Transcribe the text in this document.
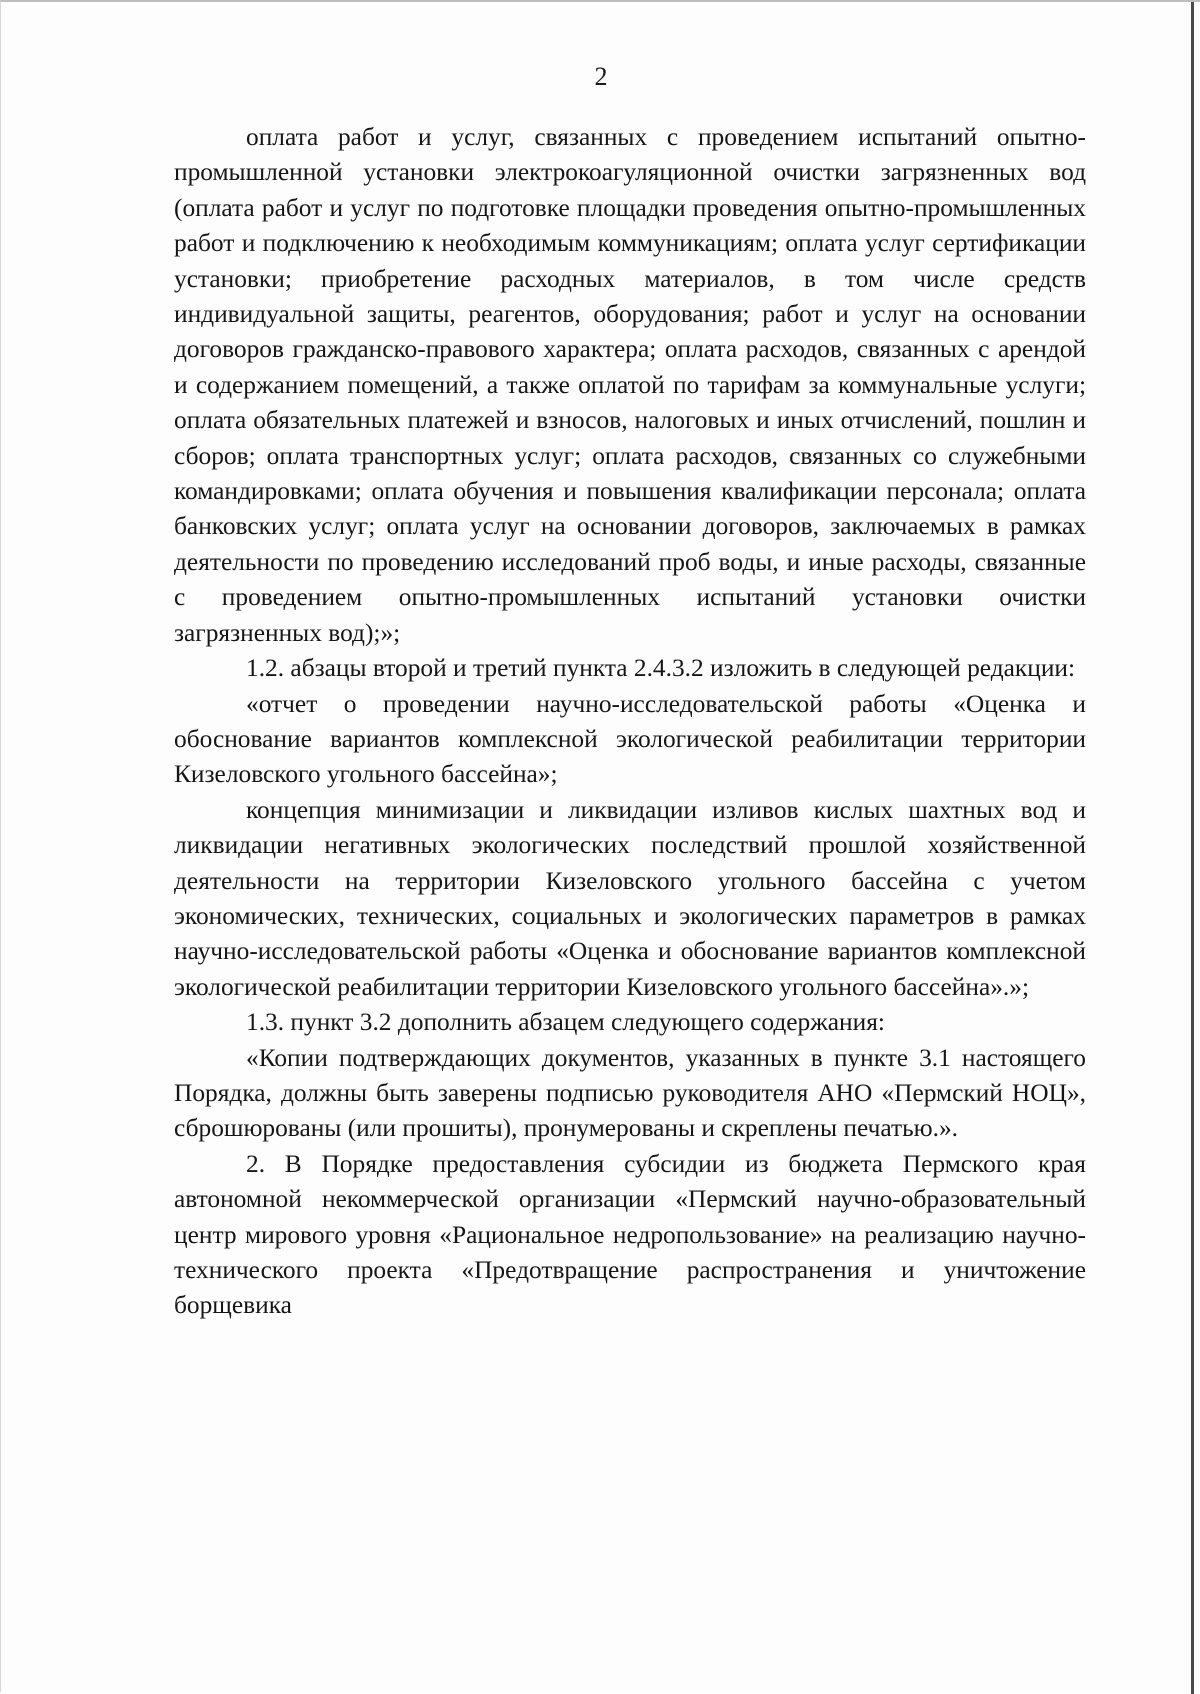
2

оплата работ и услуг, связанных с проведением испытаний опытно-промышленной установки электрокоагуляционной очистки загрязненных вод (оплата работ и услуг по подготовке площадки проведения опытно-промышленных работ и подключению к необходимым коммуникациям; оплата услуг сертификации установки; приобретение расходных материалов, в том числе средств индивидуальной защиты, реагентов, оборудования; работ и услуг на основании договоров гражданско-правового характера; оплата расходов, связанных с арендой и содержанием помещений, а также оплатой по тарифам за коммунальные услуги; оплата обязательных платежей и взносов, налоговых и иных отчислений, пошлин и сборов; оплата транспортных услуг; оплата расходов, связанных со служебными командировками; оплата обучения и повышения квалификации персонала; оплата банковских услуг; оплата услуг на основании договоров, заключаемых в рамках деятельности по проведению исследований проб воды, и иные расходы, связанные с проведением опытно-промышленных испытаний установки очистки загрязненных вод);»;

1.2. абзацы второй и третий пункта 2.4.3.2 изложить в следующей редакции:

«отчет о проведении научно-исследовательской работы «Оценка и обоснование вариантов комплексной экологической реабилитации территории Кизеловского угольного бассейна»;

концепция минимизации и ликвидации изливов кислых шахтных вод и ликвидации негативных экологических последствий прошлой хозяйственной деятельности на территории Кизеловского угольного бассейна с учетом экономических, технических, социальных и экологических параметров в рамках научно-исследовательской работы «Оценка и обоснование вариантов комплексной экологической реабилитации территории Кизеловского угольного бассейна».»;

1.3. пункт 3.2 дополнить абзацем следующего содержания:

«Копии подтверждающих документов, указанных в пункте 3.1 настоящего Порядка, должны быть заверены подписью руководителя АНО «Пермский НОЦ», сброшюрованы (или прошиты), пронумерованы и скреплены печатью.».

2. В Порядке предоставления субсидии из бюджета Пермского края автономной некоммерческой организации «Пермский научно-образовательный центр мирового уровня «Рациональное недропользование» на реализацию научно-технического проекта «Предотвращение распространения и уничтожение борщевика
